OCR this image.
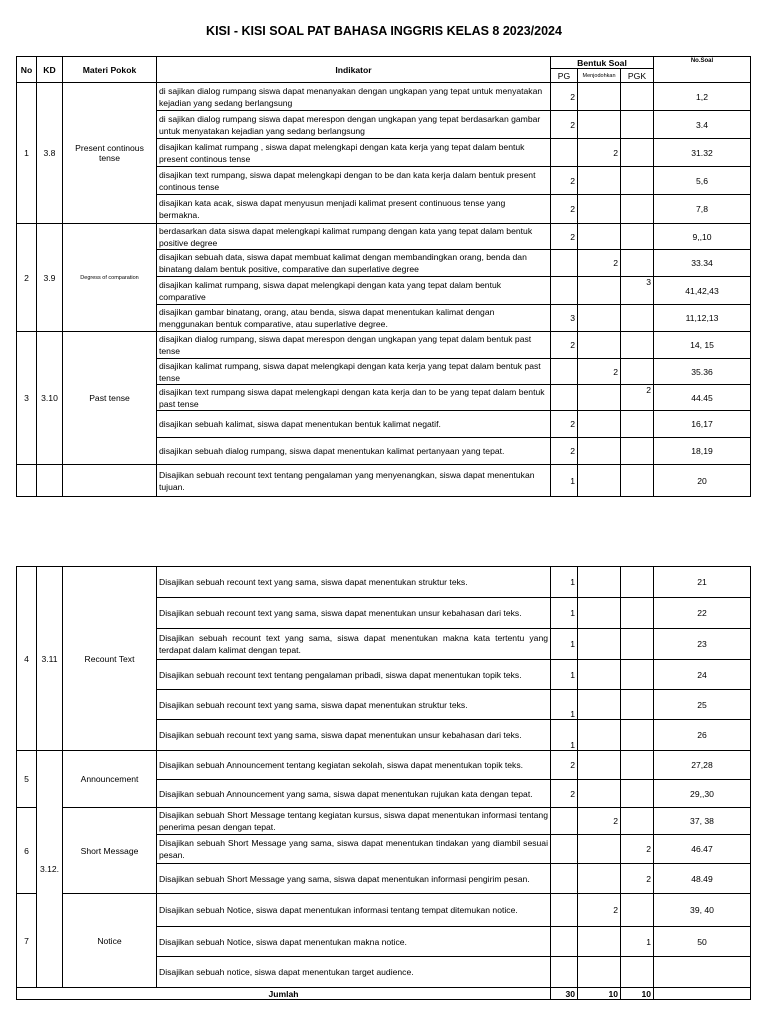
KISI - KISI SOAL PAT BAHASA INGGRIS KELAS 8 2023/2024
No	KD	Materi Pokok	Indikator	Bentuk Soal			No.Soal
				PG	Menjodohkan	PGK	
1	3.8	Present continous tense	di sajikan dialog rumpang siswa dapat menanyakan dengan ungkapan yang tepat untuk menyatakan kejadian yang sedang berlangsung	2			1,2
			di sajikan dialog rumpang siswa dapat merespon dengan ungkapan yang tepat berdasarkan gambar untuk menyatakan kejadian yang sedang berlangsung	2			3.4
			disajikan kalimat rumpang , siswa dapat melengkapi dengan kata kerja yang tepat dalam bentuk present continous tense		2		31.32
			disajikan text rumpang, siswa dapat melengkapi dengan to be dan kata kerja dalam bentuk present continous tense	2			5,6
			disajikan kata acak, siswa dapat menyusun menjadi kalimat present continuous tense yang bermakna.	2			7,8
2	3.9	Degress of comparation	berdasarkan data siswa dapat melengkapi kalimat rumpang dengan kata yang tepat dalam bentuk positive degree	2			9,,10
			disajikan sebuah data, siswa dapat membuat kalimat dengan membandingkan orang, benda dan binatang dalam bentuk positive, comparative dan superlative degree		2		33.34
			disajikan kalimat rumpang, siswa dapat melengkapi dengan kata yang tepat dalam bentuk comparative			3	41,42,43
			disajikan gambar binatang, orang, atau benda, siswa dapat menentukan kalimat dengan menggunakan bentuk comparative, atau superlative degree.	3			11,12,13
3	3.10	Past tense	disajikan dialog rumpang, siswa dapat merespon dengan ungkapan yang tepat dalam bentuk past tense	2			14, 15
			disajikan kalimat rumpang, siswa dapat melengkapi dengan kata kerja yang tepat dalam bentuk past tense		2		35.36
			disajikan text rumpang siswa dapat melengkapi dengan kata kerja dan to be yang tepat dalam bentuk past tense			2	44.45
			disajikan sebuah kalimat, siswa dapat menentukan bentuk kalimat negatif.	2			16,17
			disajikan sebuah dialog rumpang, siswa dapat menentukan kalimat pertanyaan yang tepat.	2			18,19
			Disajikan sebuah recount text tentang pengalaman yang menyenangkan, siswa dapat menentukan tujuan.	1			20
4	3.11	Recount Text	Disajikan sebuah recount text yang sama, siswa dapat menentukan struktur teks.	1			21
			Disajikan sebuah recount text yang sama, siswa dapat menentukan unsur kebahasan dari teks.	1			22
			Disajikan sebuah recount text yang sama, siswa dapat menentukan makna kata tertentu yang terdapat dalam kalimat dengan tepat.	1			23
			Disajikan sebuah recount text tentang pengalaman pribadi, siswa dapat menentukan topik teks.	1			24
			Disajikan sebuah recount text yang sama, siswa dapat menentukan struktur teks.	1			25
			Disajikan sebuah recount text yang sama, siswa dapat menentukan unsur kebahasan dari teks.	1			26
5	3.12.	Announcement	Disajikan sebuah Announcement tentang kegiatan sekolah, siswa dapat menentukan topik teks.	2			27,28
			Disajikan sebuah Announcement yang sama, siswa dapat menentukan rujukan kata dengan tepat.	2			29,,30
6		Short Message	Disajikan sebuah Short Message tentang kegiatan kursus, siswa dapat menentukan informasi tentang penerima pesan dengan tepat.		2		37, 38
			Disajikan sebuah Short Message yang sama, siswa dapat menentukan tindakan yang diambil sesuai pesan.			2	46.47
			Disajikan sebuah Short Message yang sama, siswa dapat menentukan informasi pengirim pesan.			2	48.49
7		Notice	Disajikan sebuah Notice, siswa dapat menentukan informasi tentang tempat ditemukan notice.		2		39, 40
			Disajikan sebuah Notice, siswa dapat menentukan makna notice.			1	50
			Disajikan sebuah notice, siswa dapat menentukan target audience.				
Jumlah				30	10	10	
